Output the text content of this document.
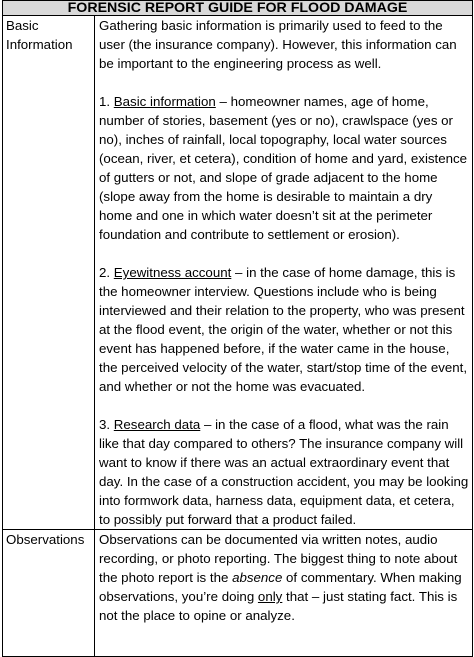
FORENSIC REPORT GUIDE FOR FLOOD DAMAGE	
Basic Information	Gathering basic information is primarily used to feed to the user (the insurance company). However, this information can be important to the engineering process as well.

1. Basic information – homeowner names, age of home, number of stories, basement (yes or no), crawlspace (yes or no), inches of rainfall, local topography, local water sources (ocean, river, et cetera), condition of home and yard, existence of gutters or not, and slope of grade adjacent to the home (slope away from the home is desirable to maintain a dry home and one in which water doesn’t sit at the perimeter foundation and contribute to settlement or erosion).

2. Eyewitness account – in the case of home damage, this is the homeowner interview. Questions include who is being interviewed and their relation to the property, who was present at the flood event, the origin of the water, whether or not this event has happened before, if the water came in the house, the perceived velocity of the water, start/stop time of the event, and whether or not the home was evacuated.

3. Research data – in the case of a flood, what was the rain like that day compared to others? The insurance company will want to know if there was an actual extraordinary event that day. In the case of a construction accident, you may be looking into formwork data, harness data, equipment data, et cetera, to possibly put forward that a product failed.

Observations	Observations can be documented via written notes, audio recording, or photo reporting. The biggest thing to note about the photo report is the absence of commentary. When making observations, you’re doing only that – just stating fact. This is not the place to opine or analyze.
